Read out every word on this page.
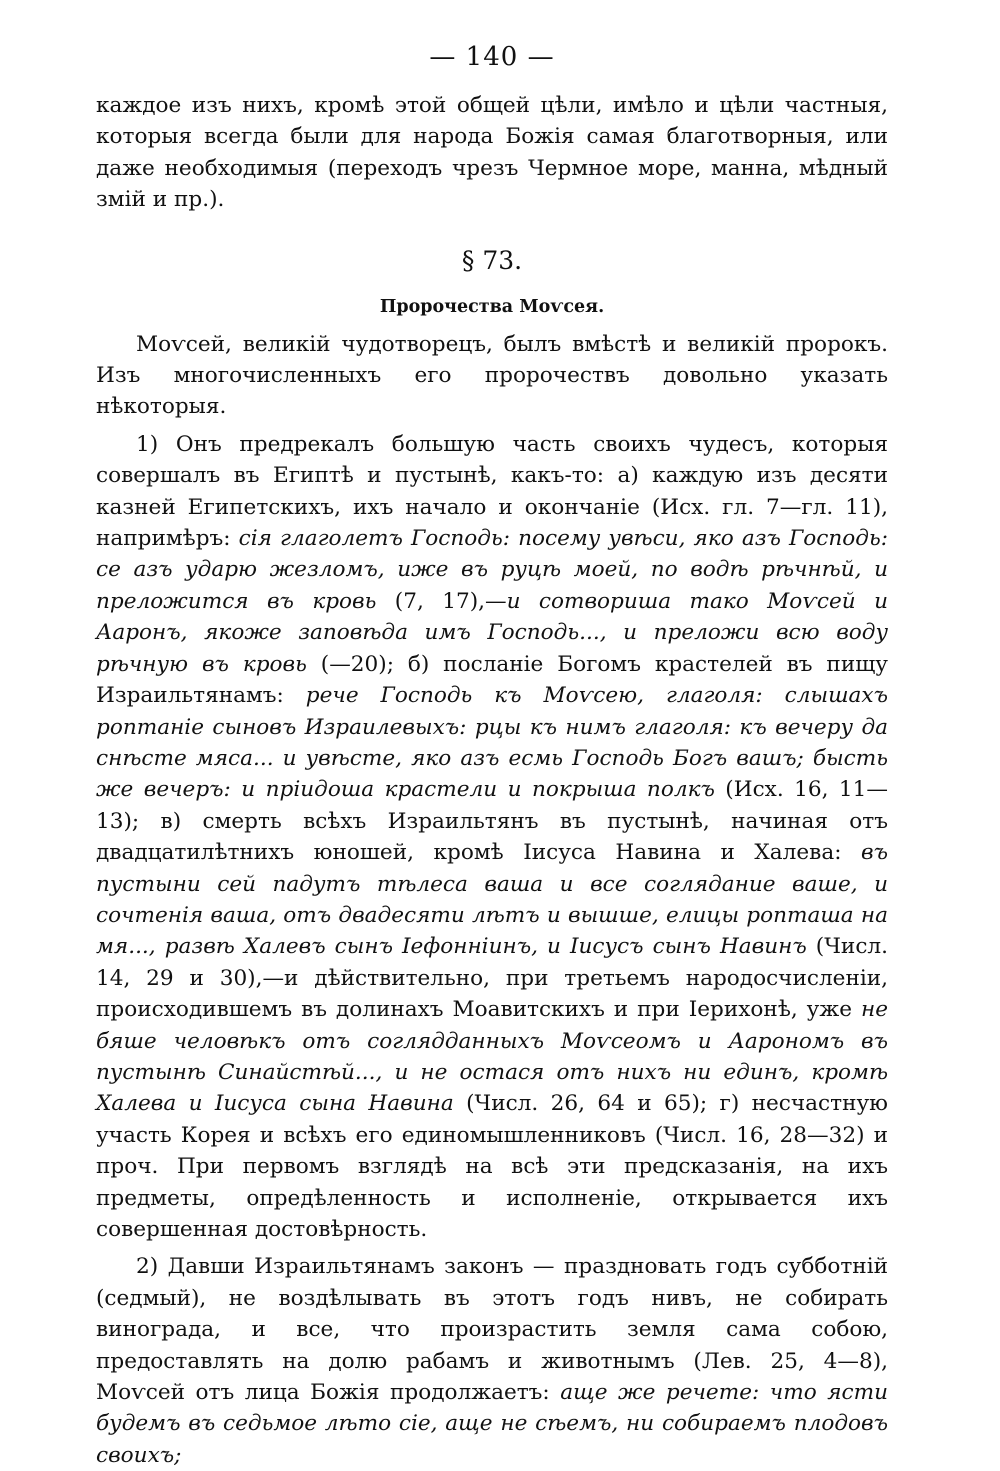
— 140 —

каждое изъ нихъ, кромѣ этой общей цѣли, имѣло и цѣли частныя, которыя всегда были для народа Божія самая благотворныя, или даже необходимыя (переходъ чрезъ Чермное море, манна, мѣдный змій и пр.).

§ 73.
Пророчества Моѵсея.

Моѵсей, великій чудотворецъ, былъ вмѣстѣ и великій пророкъ. Изъ многочисленныхъ его пророчествъ довольно указать нѣкоторыя.

1) Онъ предрекалъ большую часть своихъ чудесъ, которыя совершалъ въ Египтѣ и пустынѣ, какъ-то: а) каждую изъ десяти казней Египетскихъ, ихъ начало и окончаніе (Исх. гл. 7—гл. 11), напримѣръ: сія глаголетъ Господь: посему увѣси, яко азъ Господь: се азъ ударю жезломъ, иже въ руцѣ моей, по водѣ рѣчнѣй, и преложится въ кровь (7, 17),—и сотвориша тако Моѵсей и Ааронъ, якоже заповѣда имъ Господь..., и преложи всю воду рѣчную въ кровь (—20); б) посланіе Богомъ крастелей въ пищу Израильтянамъ: рече Господь къ Моѵсею, глаголя: слышахъ роптаніе сыновъ Израилевыхъ: рцы къ нимъ глаголя: къ вечеру да снѣсте мяса... и увѣсте, яко азъ есмь Господь Богъ вашъ; бысть же вечеръ: и пріидоша крастели и покрыша полкъ (Исх. 16, 11—13); в) смерть всѣхъ Израильтянъ въ пустынѣ, начиная отъ двадцатилѣтнихъ юношей, кромѣ Іисуса Навина и Халева: въ пустыни сей падутъ тѣлеса ваша и все соглядание ваше, и сочтенія ваша, отъ двадесяти лѣтъ и вышше, елицы ропташа на мя..., развѣ Халевъ сынъ Іефонніинъ, и Іисусъ сынъ Навинъ (Числ. 14, 29 и 30),—и дѣйствительно, при третьемъ народосчисленіи, происходившемъ въ долинахъ Моавитскихъ и при Іерихонѣ, уже не бяше человѣкъ отъ соглядданныхъ Моѵсеомъ и Аарономъ въ пустынѣ Синайстѣй..., и не остася отъ нихъ ни единъ, кромѣ Халева и Іисуса сына Навина (Числ. 26, 64 и 65); г) несчастную участь Корея и всѣхъ его единомышленниковъ (Числ. 16, 28—32) и проч. При первомъ взглядѣ на всѣ эти предсказанія, на ихъ предметы, опредѣленность и исполненіе, открывается ихъ совершенная достовѣрность.

2) Давши Израильтянамъ законъ — праздновать годъ субботній (седмый), не воздѣлывать въ этотъ годъ нивъ, не собирать винограда, и все, что произрастить земля сама собою, предоставлять на долю рабамъ и животнымъ (Лев. 25, 4—8), Моѵсей отъ лица Божія продолжаетъ: аще же речете: что ясти будемъ въ седьмое лѣто сіе, аще не сѣемъ, ни собираемъ плодовъ своихъ;
